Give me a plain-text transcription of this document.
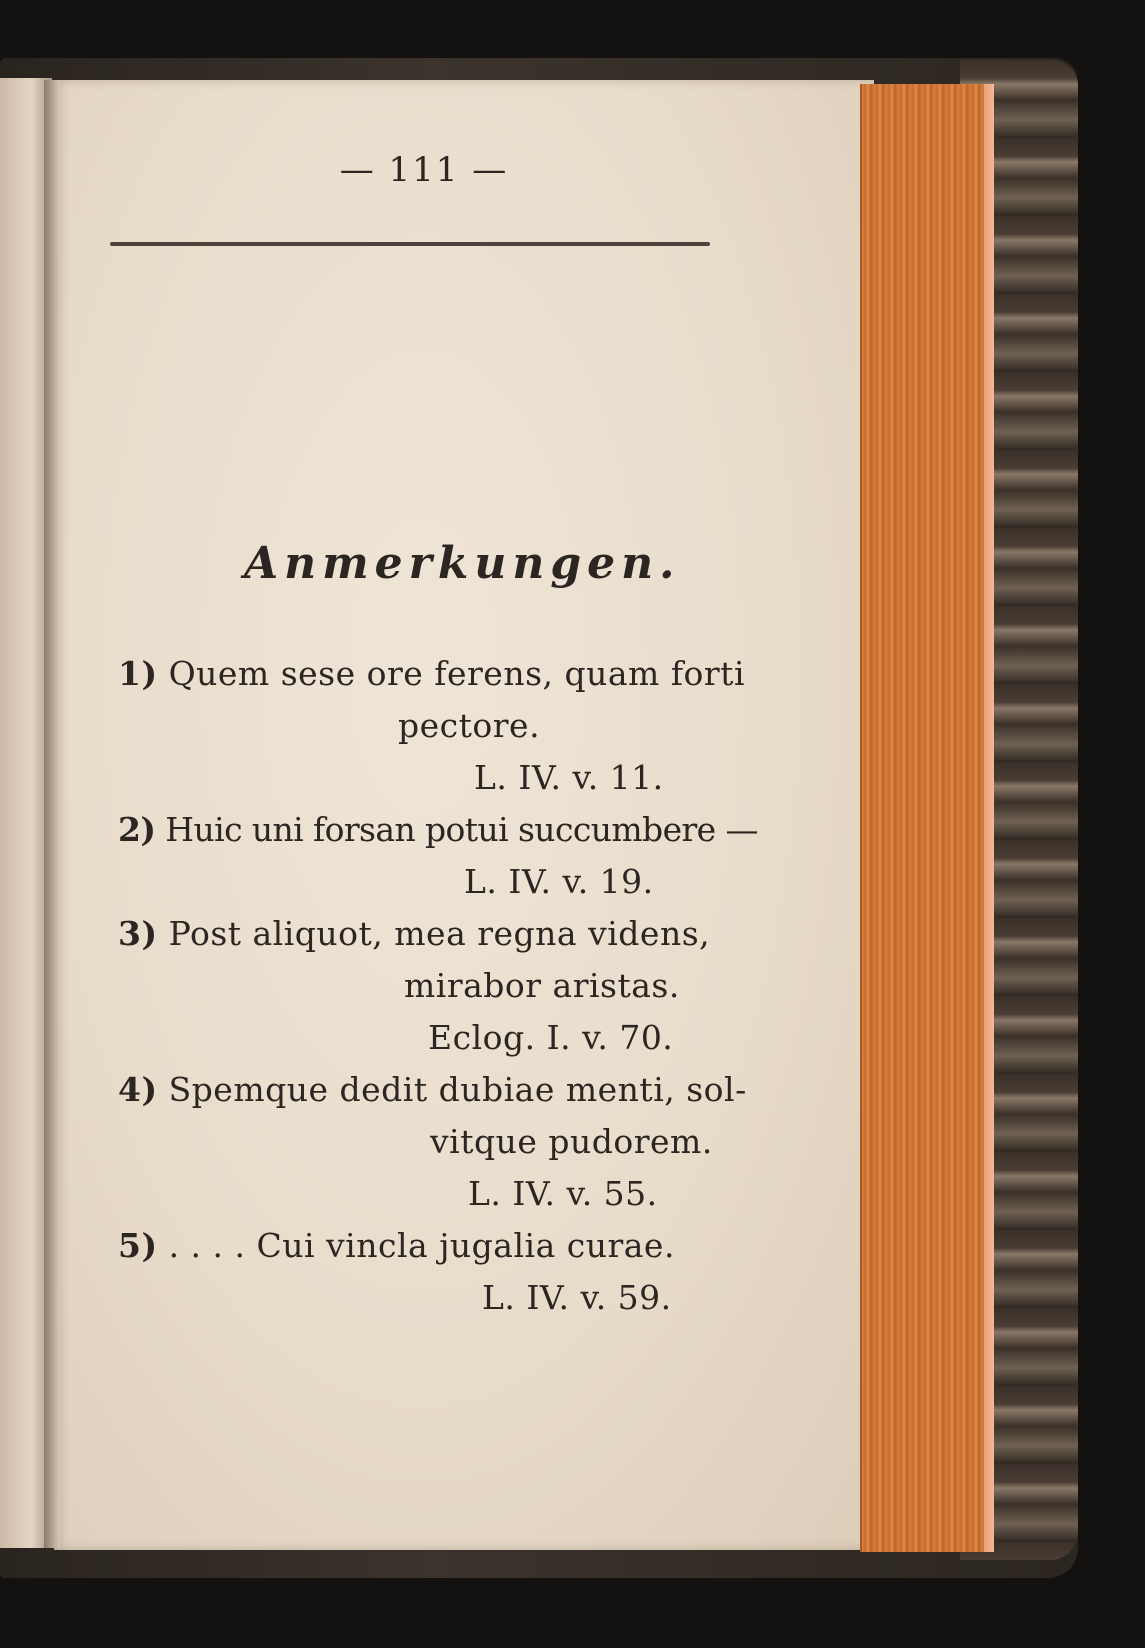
— 111 —
Anmerkungen.
1) Quem sese ore ferens, quam forti
pectore.
L. IV. v. 11.
2) Huic uni forsan potui succumbere —
L. IV. v. 19.
3) Post aliquot, mea regna videns,
mirabor aristas.
Eclog. I. v. 70.
4) Spemque dedit dubiae menti, sol-
vitque pudorem.
L. IV. v. 55.
5) . . . . Cui vincla jugalia curae.
L. IV. v. 59.
